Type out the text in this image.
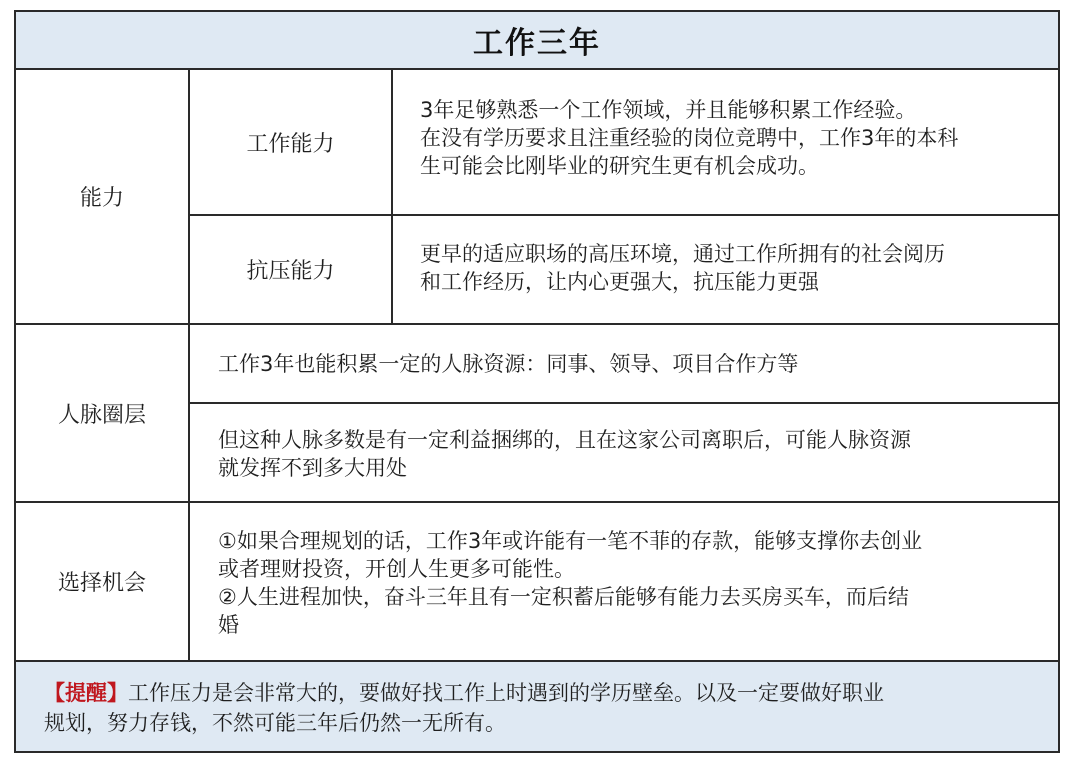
工作三年
能力
工作能力
3年足够熟悉一个工作领域，并且能够积累工作经验。
在没有学历要求且注重经验的岗位竞聘中，工作3年的本科
生可能会比刚毕业的研究生更有机会成功。
抗压能力
更早的适应职场的高压环境，通过工作所拥有的社会阅历
和工作经历，让内心更强大，抗压能力更强
人脉圈层
工作3年也能积累一定的人脉资源：同事、领导、项目合作方等
但这种人脉多数是有一定利益捆绑的，且在这家公司离职后，可能人脉资源
就发挥不到多大用处
选择机会
①如果合理规划的话，工作3年或许能有一笔不菲的存款，能够支撑你去创业
或者理财投资，开创人生更多可能性。
②人生进程加快，奋斗三年且有一定积蓄后能够有能力去买房买车，而后结
婚
【提醒】工作压力是会非常大的，要做好找工作上时遇到的学历壁垒。以及一定要做好职业
规划，努力存钱，不然可能三年后仍然一无所有。
